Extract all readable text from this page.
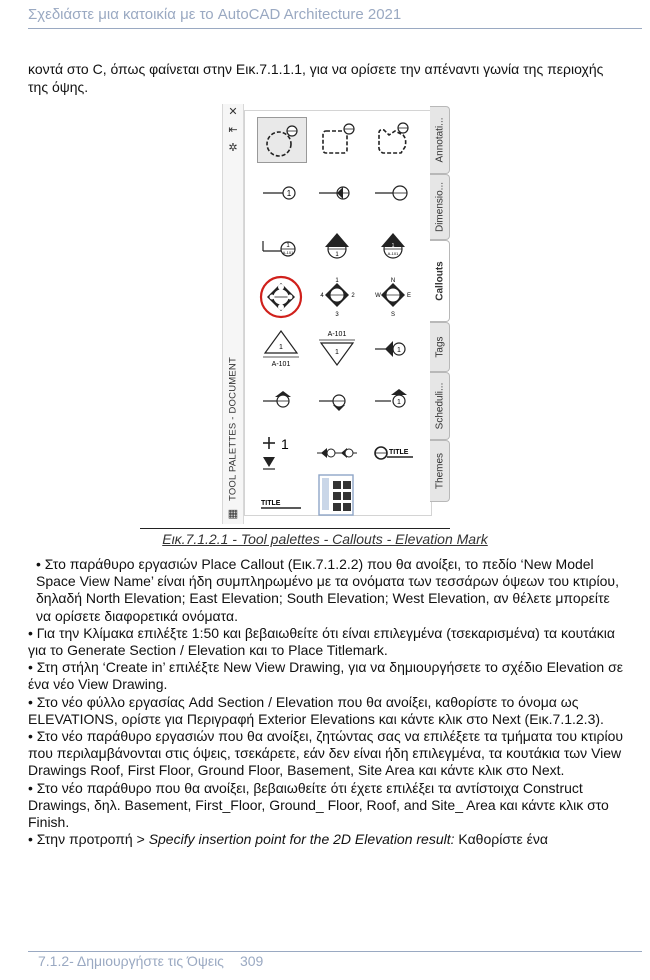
Σχεδιάστε μια κατοικία με το AutoCAD Architecture 2021
κοντά στο C, όπως φαίνεται στην Εικ.7.1.1.1, για να ορίσετε την απέναντι γωνία της περιοχής της όψης.
✕
⇤
✲
TOOL PALETTES - DOCUMENT
▦
1
1
A-101	1
1
A-101
1
4	2
3
N
W	E
S
1
A-101
A-101
1	1
1
1
TITLE
TITLE
Annotati...
Dimensio...
Callouts
Tags
Scheduli...
Themes
Εικ.7.1.2.1 - Tool palettes - Callouts - Elevation Mark

• Στο παράθυρο εργασιών Place Callout (Εικ.7.1.2.2) που θα ανοίξει, το πεδίο ‘New Model Space View Name’ είναι ήδη συμπληρωμένο με τα ονόματα των τεσσάρων όψεων του κτιρίου, δηλαδή North Elevation; East Elevation; South Elevation; West Elevation, αν θέλετε μπορείτε να ορίσετε διαφορετικά ονόματα.

• Για την Κλίμακα επιλέξτε 1:50 και βεβαιωθείτε ότι είναι επιλεγμένα (τσεκαρισμένα) τα κουτάκια για το Generate Section / Elevation και το Place Titlemark.

• Στη στήλη ‘Create in’ επιλέξτε New View Drawing, για να δημιουργήσετε το σχέδιο Elevation σε ένα νέο View Drawing.

• Στο νέο φύλλο εργασίας Add Section / Elevation που θα ανοίξει, καθορίστε το όνομα ως ELEVATIONS, ορίστε για Περιγραφή Exterior Elevations και κάντε κλικ στο Next (Εικ.7.1.2.3).

• Στο νέο παράθυρο εργασιών που θα ανοίξει, ζητώντας σας να επιλέξετε τα τμήματα του κτιρίου που περιλαμβάνονται στις όψεις, τσεκάρετε, εάν δεν είναι ήδη επιλεγμένα, τα κουτάκια των View Drawings Roof, First Floor, Ground Floor, Basement, Site Area και κάντε κλικ στο Next.

• Στο νέο παράθυρο που θα ανοίξει, βεβαιωθείτε ότι έχετε επιλέξει τα αντίστοιχα Construct Drawings, δηλ. Basement, First_Floor, Ground_ Floor, Roof, and Site_ Area και κάντε κλικ στο Finish.

• Στην προτροπή > Specify insertion point for the 2D Elevation result: Καθορίστε ένα

7.1.2- Δημιουργήστε τις Όψεις 309
